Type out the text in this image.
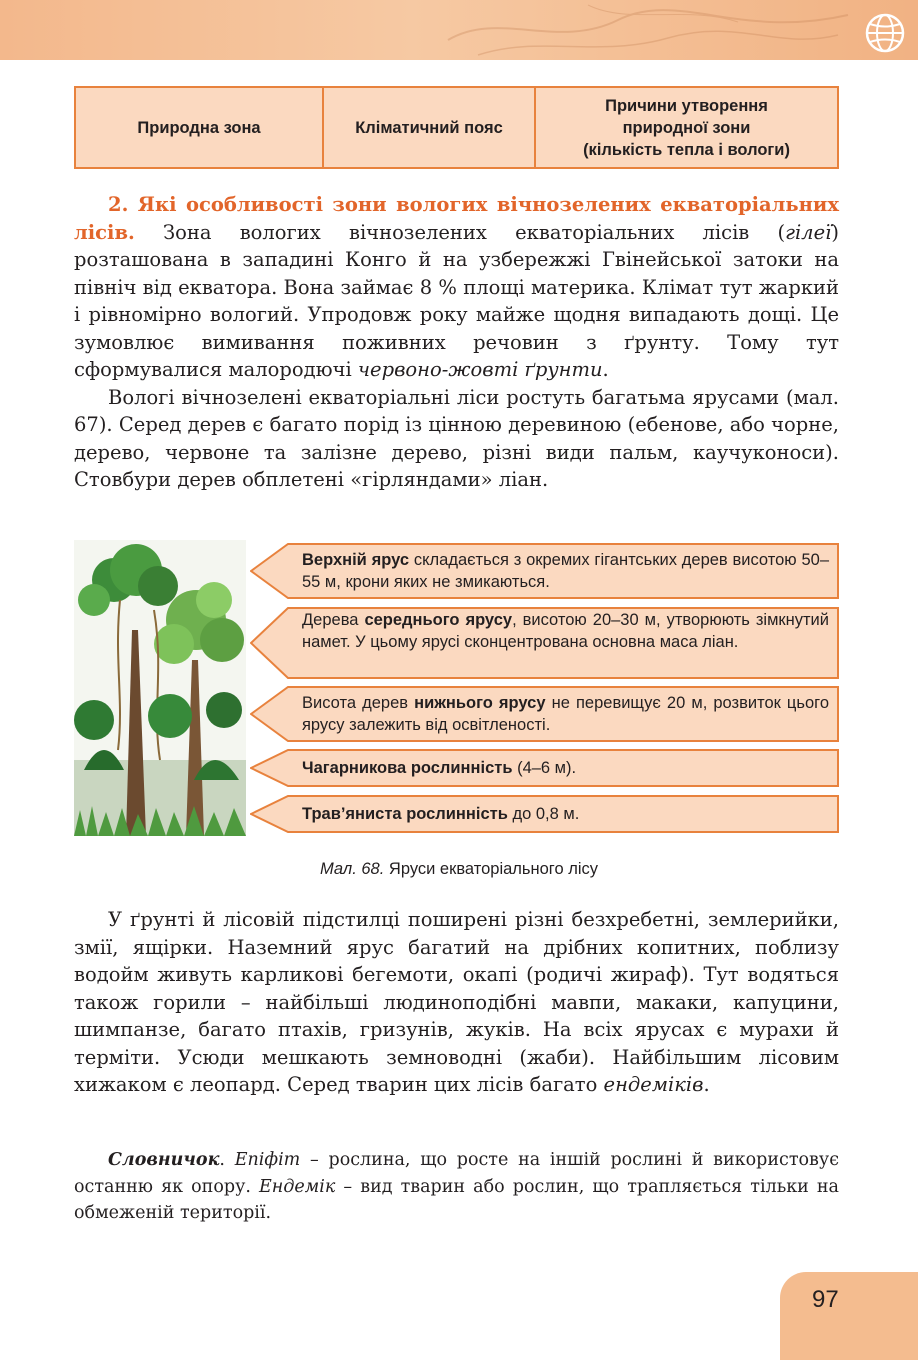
Природна зона	Кліматичний пояс	Причини утворення
природної зони
(кількість тепла і вологи)

2. Які особливості зони вологих вічнозелених екваторіальних лісів. Зона вологих вічнозелених екваторіальних лісів (гілеї) розташована в западині Конго й на узбережжі Гвінейської затоки на північ від екватора. Вона займає 8 % площі материка. Клімат тут жаркий і рівномірно вологий. Упродовж року майже щодня випадають дощі. Це зумовлює вимивання поживних речовин з ґрунту. Тому тут сформувалися малородючі червоно-жовті ґрунти.

Вологі вічнозелені екваторіальні ліси ростуть багатьма ярусами (мал. 67). Серед дерев є багато порід із цінною деревиною (ебенове, або чорне, дерево, червоне та залізне дерево, різні види пальм, каучуконоси). Стовбури дерев обплетені «гірляндами» ліан.

Верхній ярус складається з окремих гігантських дерев висотою 50–55 м, крони яких не змикаються.
Дерева середнього ярусу, висотою 20–30 м, утворюють зімкнутий намет. У цьому ярусі сконцентрована основна маса ліан.
Висота дерев нижнього ярусу не перевищує 20 м, розвиток цього ярусу залежить від освітленості.
Чагарникова рослинність (4–6 м).
Трав’яниста рослинність до 0,8 м.
Мал. 68. Яруси екваторіального лісу

У ґрунті й лісовій підстилці поширені різні безхребетні, землерийки, змії, ящірки. Наземний ярус багатий на дрібних копитних, поблизу водойм живуть карликові бегемоти, окапі (родичі жираф). Тут водяться також горили – найбільші людиноподібні мавпи, макаки, капуцини, шимпанзе, багато птахів, гризунів, жуків. На всіх ярусах є мурахи й терміти. Усюди мешкають земноводні (жаби). Найбільшим лісовим хижаком є леопард. Серед тварин цих лісів багато ендеміків.

Словничок. Епіфіт – рослина, що росте на іншій рослині й використовує останню як опору. Ендемік – вид тварин або рослин, що трапляється тільки на обмеженій території.

97
